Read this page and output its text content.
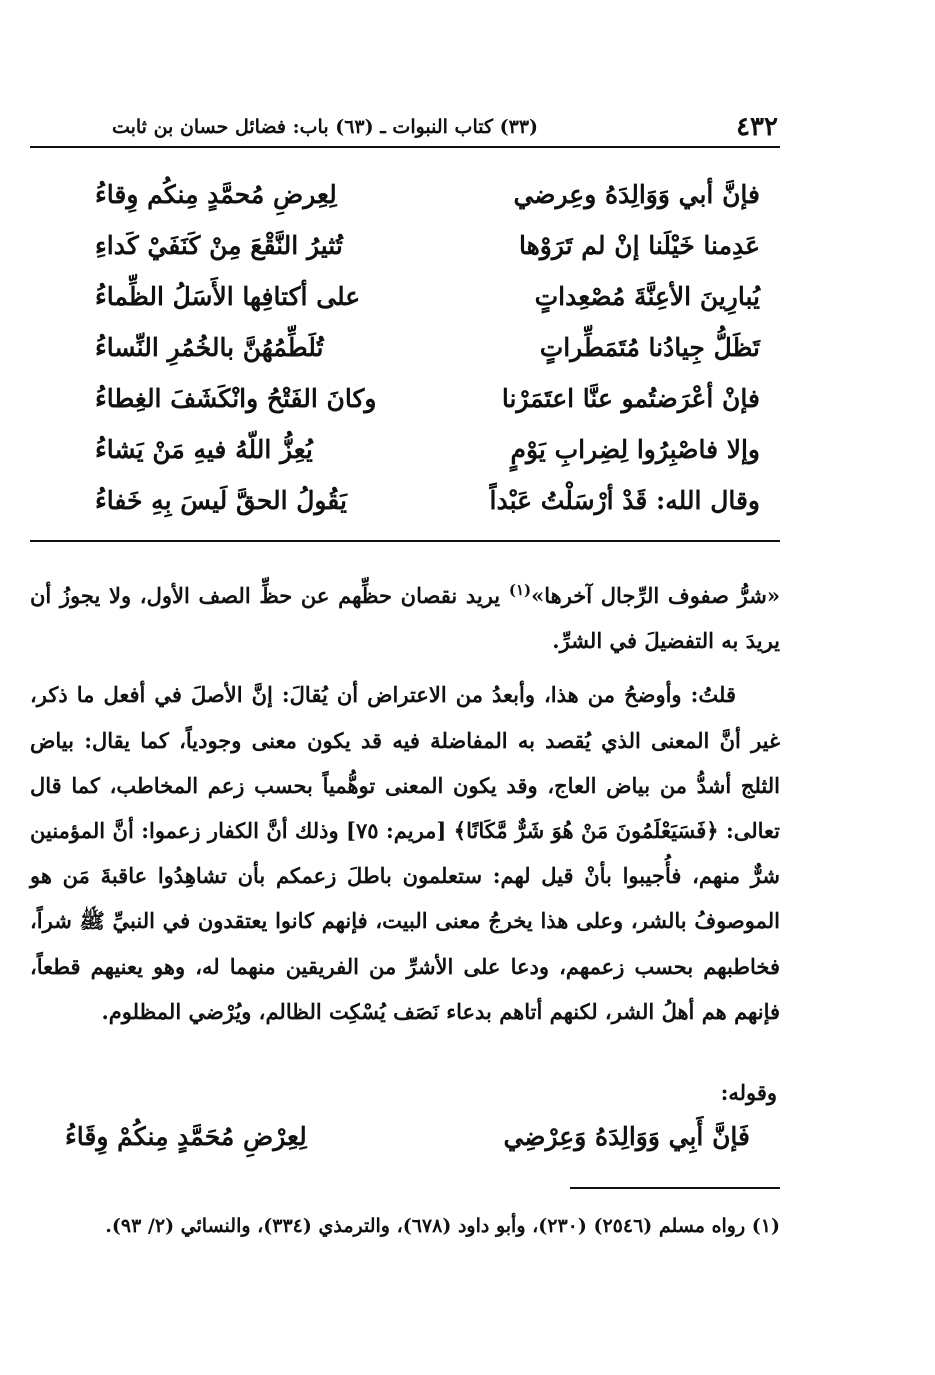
٤٣٢
(٣٣) كتاب النبوات ـ (٦٣) باب: فضائل حسان بن ثابت
فإنَّ أبي وَوَالِدَهُ وعِرضي
لِعِرضِ مُحمَّدٍ مِنكُم وِقاءُ
عَدِمنا خَيْلَنا إنْ لم تَرَوْها
تُثيرُ النَّقْعَ مِنْ كَنَفَيْ كَداءِ
يُبارِينَ الأعِنَّةَ مُصْعِداتٍ
على أكتافِها الأَسَلُ الظِّماءُ
تَظَلُّ جِيادُنا مُتَمَطِّراتٍ
تُلَطِّمُهُنَّ بالخُمُرِ النِّساءُ
فإنْ أعْرَضتُمو عنَّا اعتَمَرْنا
وكانَ الفَتْحُ وانْكَشَفَ الغِطاءُ
وإلا فاصْبِرُوا لِضِرابِ يَوْمٍ
يُعِزُّ اللّهُ فيهِ مَنْ يَشاءُ
وقال الله: قَدْ أرْسَلْتُ عَبْداً
يَقُولُ الحقَّ لَيسَ بِهِ خَفاءُ

«شرُّ صفوف الرِّجال آخرها»$^{(١)}$ يريد نقصان حظِّهم عن حظِّ الصف الأول، ولا يجوزُ أن يريدَ به التفضيلَ في الشرِّ.

قلتُ: وأوضحُ من هذا، وأبعدُ من الاعتراض أن يُقالَ: إنَّ الأصلَ في أفعل ما ذكر، غير أنَّ المعنى الذي يُقصد به المفاضلة فيه قد يكون معنى وجودياً، كما يقال: بياض الثلج أشدُّ من بياض العاج، وقد يكون المعنى توهُّمياً بحسب زعم المخاطب، كما قال تعالى: ﴿فَسَيَعْلَمُونَ مَنْ هُوَ شَرٌّ مَّكَانًا﴾ [مريم: ٧٥] وذلك أنَّ الكفار زعموا: أنَّ المؤمنين شرٌّ منهم، فأُجيبوا بأنْ قيل لهم: ستعلمون باطلَ زعمكم بأن تشاهِدُوا عاقبةَ مَن هو الموصوفُ بالشر، وعلى هذا يخرجُ معنى البيت، فإنهم كانوا يعتقدون في النبيِّ ﷺ شراً، فخاطبهم بحسب زعمهم، ودعا على الأشرِّ من الفريقين منهما له، وهو يعنيهم قطعاً، فإنهم هم أهلُ الشر، لكنهم أتاهم بدعاء نَصَف يُسْكِت الظالم، ويُرْضي المظلوم.

وقوله:
فَإنَّ أَبِي وَوَالِدَهُ وَعِرْضِي
لِعِرْضِ مُحَمَّدٍ مِنكُمْ وِقَاءُ

(١) رواه مسلم (٢٥٤٦) (٢٣٠)، وأبو داود (٦٧٨)، والترمذي (٣٣٤)، والنسائي (٢/ ٩٣).
